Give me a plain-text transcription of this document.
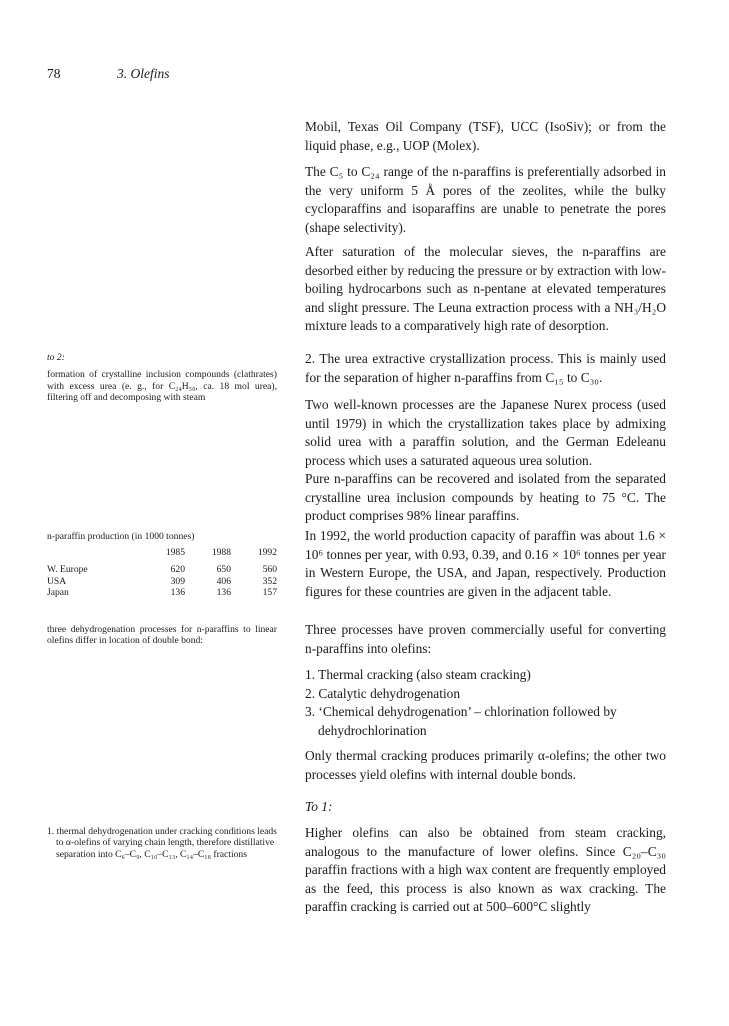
78	3. Olefins

Mobil, Texas Oil Company (TSF), UCC (IsoSiv); or from the liquid phase, e.g., UOP (Molex).

The C₅ to C₂₄ range of the n-paraffins is preferentially adsorbed in the very uniform 5 Å pores of the zeolites, while the bulky cycloparaffins and isoparaffins are unable to penetrate the pores (shape selectivity).

After saturation of the molecular sieves, the n-paraffins are desorbed either by reducing the pressure or by extraction with low-boiling hydrocarbons such as n-pentane at elevated temperatures and slight pressure. The Leuna extraction process with a NH₃/H₂O mixture leads to a comparatively high rate of desorption.

2. The urea extractive crystallization process. This is mainly used for the separation of higher n-paraffins from C₁₅ to C₃₀.

Two well-known processes are the Japanese Nurex process (used until 1979) in which the crystallization takes place by admixing solid urea with a paraffin solution, and the German Edeleanu process which uses a saturated aqueous urea solution.

Pure n-paraffins can be recovered and isolated from the separated crystalline urea inclusion compounds by heating to 75 °C. The product comprises 98% linear paraffins.

In 1992, the world production capacity of paraffin was about 1.6 × 10⁶ tonnes per year, with 0.93, 0.39, and 0.16 × 10⁶ tonnes per year in Western Europe, the USA, and Japan, respectively. Production figures for these countries are given in the adjacent table.

Three processes have proven commercially useful for converting n-paraffins into olefins:

1. Thermal cracking (also steam cracking)
2. Catalytic dehydrogenation
3. ‘Chemical dehydrogenation’ – chlorination followed by
dehydrochlorination

Only thermal cracking produces primarily α-olefins; the other two processes yield olefins with internal double bonds.

To 1:

Higher olefins can also be obtained from steam cracking, analogous to the manufacture of lower olefins. Since C₂₀–C₃₀ paraffin fractions with a high wax content are frequently employed as the feed, this process is also known as wax cracking. The paraffin cracking is carried out at 500–600°C slightly

to 2:

formation of crystalline inclusion compounds (clathrates) with excess urea (e. g., for C₂₄H₅₀, ca. 18 mol urea), filtering off and decomposing with steam

n-paraffin production (in 1000 tonnes)

	1985	1988	1992
W. Europe	620	650	560
USA	309	406	352
Japan	136	136	157

three dehydrogenation processes for n-paraffins to linear olefins differ in location of double bond:

1. thermal dehydrogenation under cracking conditions leads to α-olefins of varying chain length, therefore distillative separation into C₆–C₉, C₁₀–C₁₃, C₁₄–C₁₈ fractions
